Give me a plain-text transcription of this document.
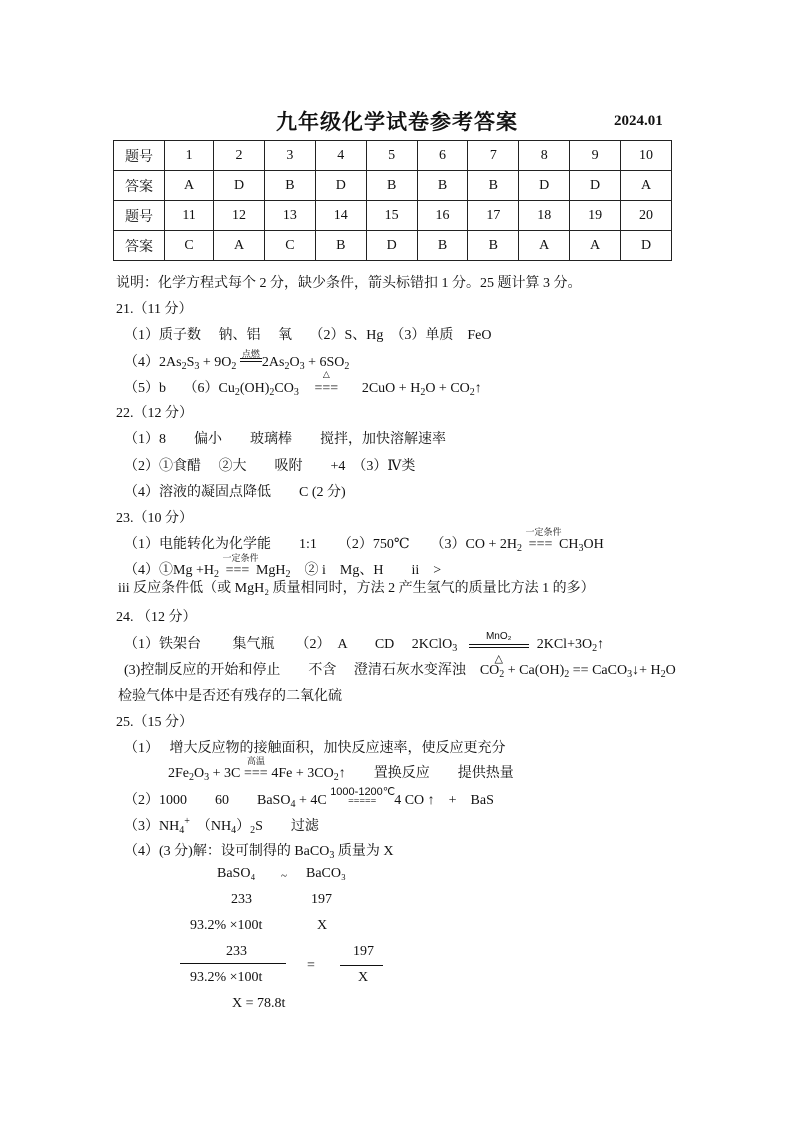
九年级化学试卷参考答案	2024.01
题号	1	2	3	4	5	6	7	8	9	10
答案	A	D	B	D	B	B	B	D	D	A
题号	11	12	13	14	15	16	17	18	19	20
答案	C	A	C	B	D	B	B	A	A	D
说明：化学方程式每个 2 分，缺少条件，箭头标错扣 1 分。25 题计算 3 分。
21.（11 分）
（1）质子数　 钠、铝　 氧　 （2）S、Hg　（3）单质　FeO
$(4)2As_2S_3 + 9O_2$
点燃
$2As_2O_3 + 6SO_2$
（5）b　 $(6)Cu_2(OH)_2CO_3$
△
=== $2CuO + H_2O$ + $CO_2↑$
22.（12 分）
（1）8　　偏小　　玻璃棒　　搅拌，加快溶解速率
（2）①食醋　 ②大　　吸附　　+4　（3）Ⅳ类
（4）溶液的凝固点降低　　C (2 分)
23.（10 分）
（1）电能转化为化学能　　1:1　　（2）750℃　　$(3)CO + 2H_2$
一定条件
=== $CH_3OH$
（4）①Mg $+H_2$
一定条件
=== MgH$_2$　② i　Mg、H　　ii　>
iii 反应条件低（或 MgH₂ 质量相同时，方法 2 产生氢气的质量比方法 1 的多）
24. （12 分）
（1）铁架台　　 集气瓶　　（2）　A　　CD　 2KClO$_3$
MnO₂
△
$2KCl+3O_2↑$
(3)控制反应的开始和停止　　不含　 澄清石灰水变浑浊　$CO_2 + Ca(OH)_2$ == CaCO$_3$↓+ $H_2O$
检验气体中是否还有残存的二氧化硫
25.（15 分）
（1）　 增大反应物的接触面积，加快反应速率，使反应更充分
$2Fe_2O_3 + 3C$
高温
=== $4Fe + 3CO_2↑$　　置换反应　　提供热量
（2）1000　　60　　BaSO$_4$ + 4C
1000-1200℃
===== 4 CO ↑　+　BaS
$(3)NH_4^+$　$(NH_4)_2S$　　过滤
（4）(3 分)解：设可制得的 BaCO$_3$ 质量为 X
BaSO₄ ~ BaCO₃
233	197
93.2% ×100t	X
233
93.2% ×100t
=
197
X
X = 78.8t
